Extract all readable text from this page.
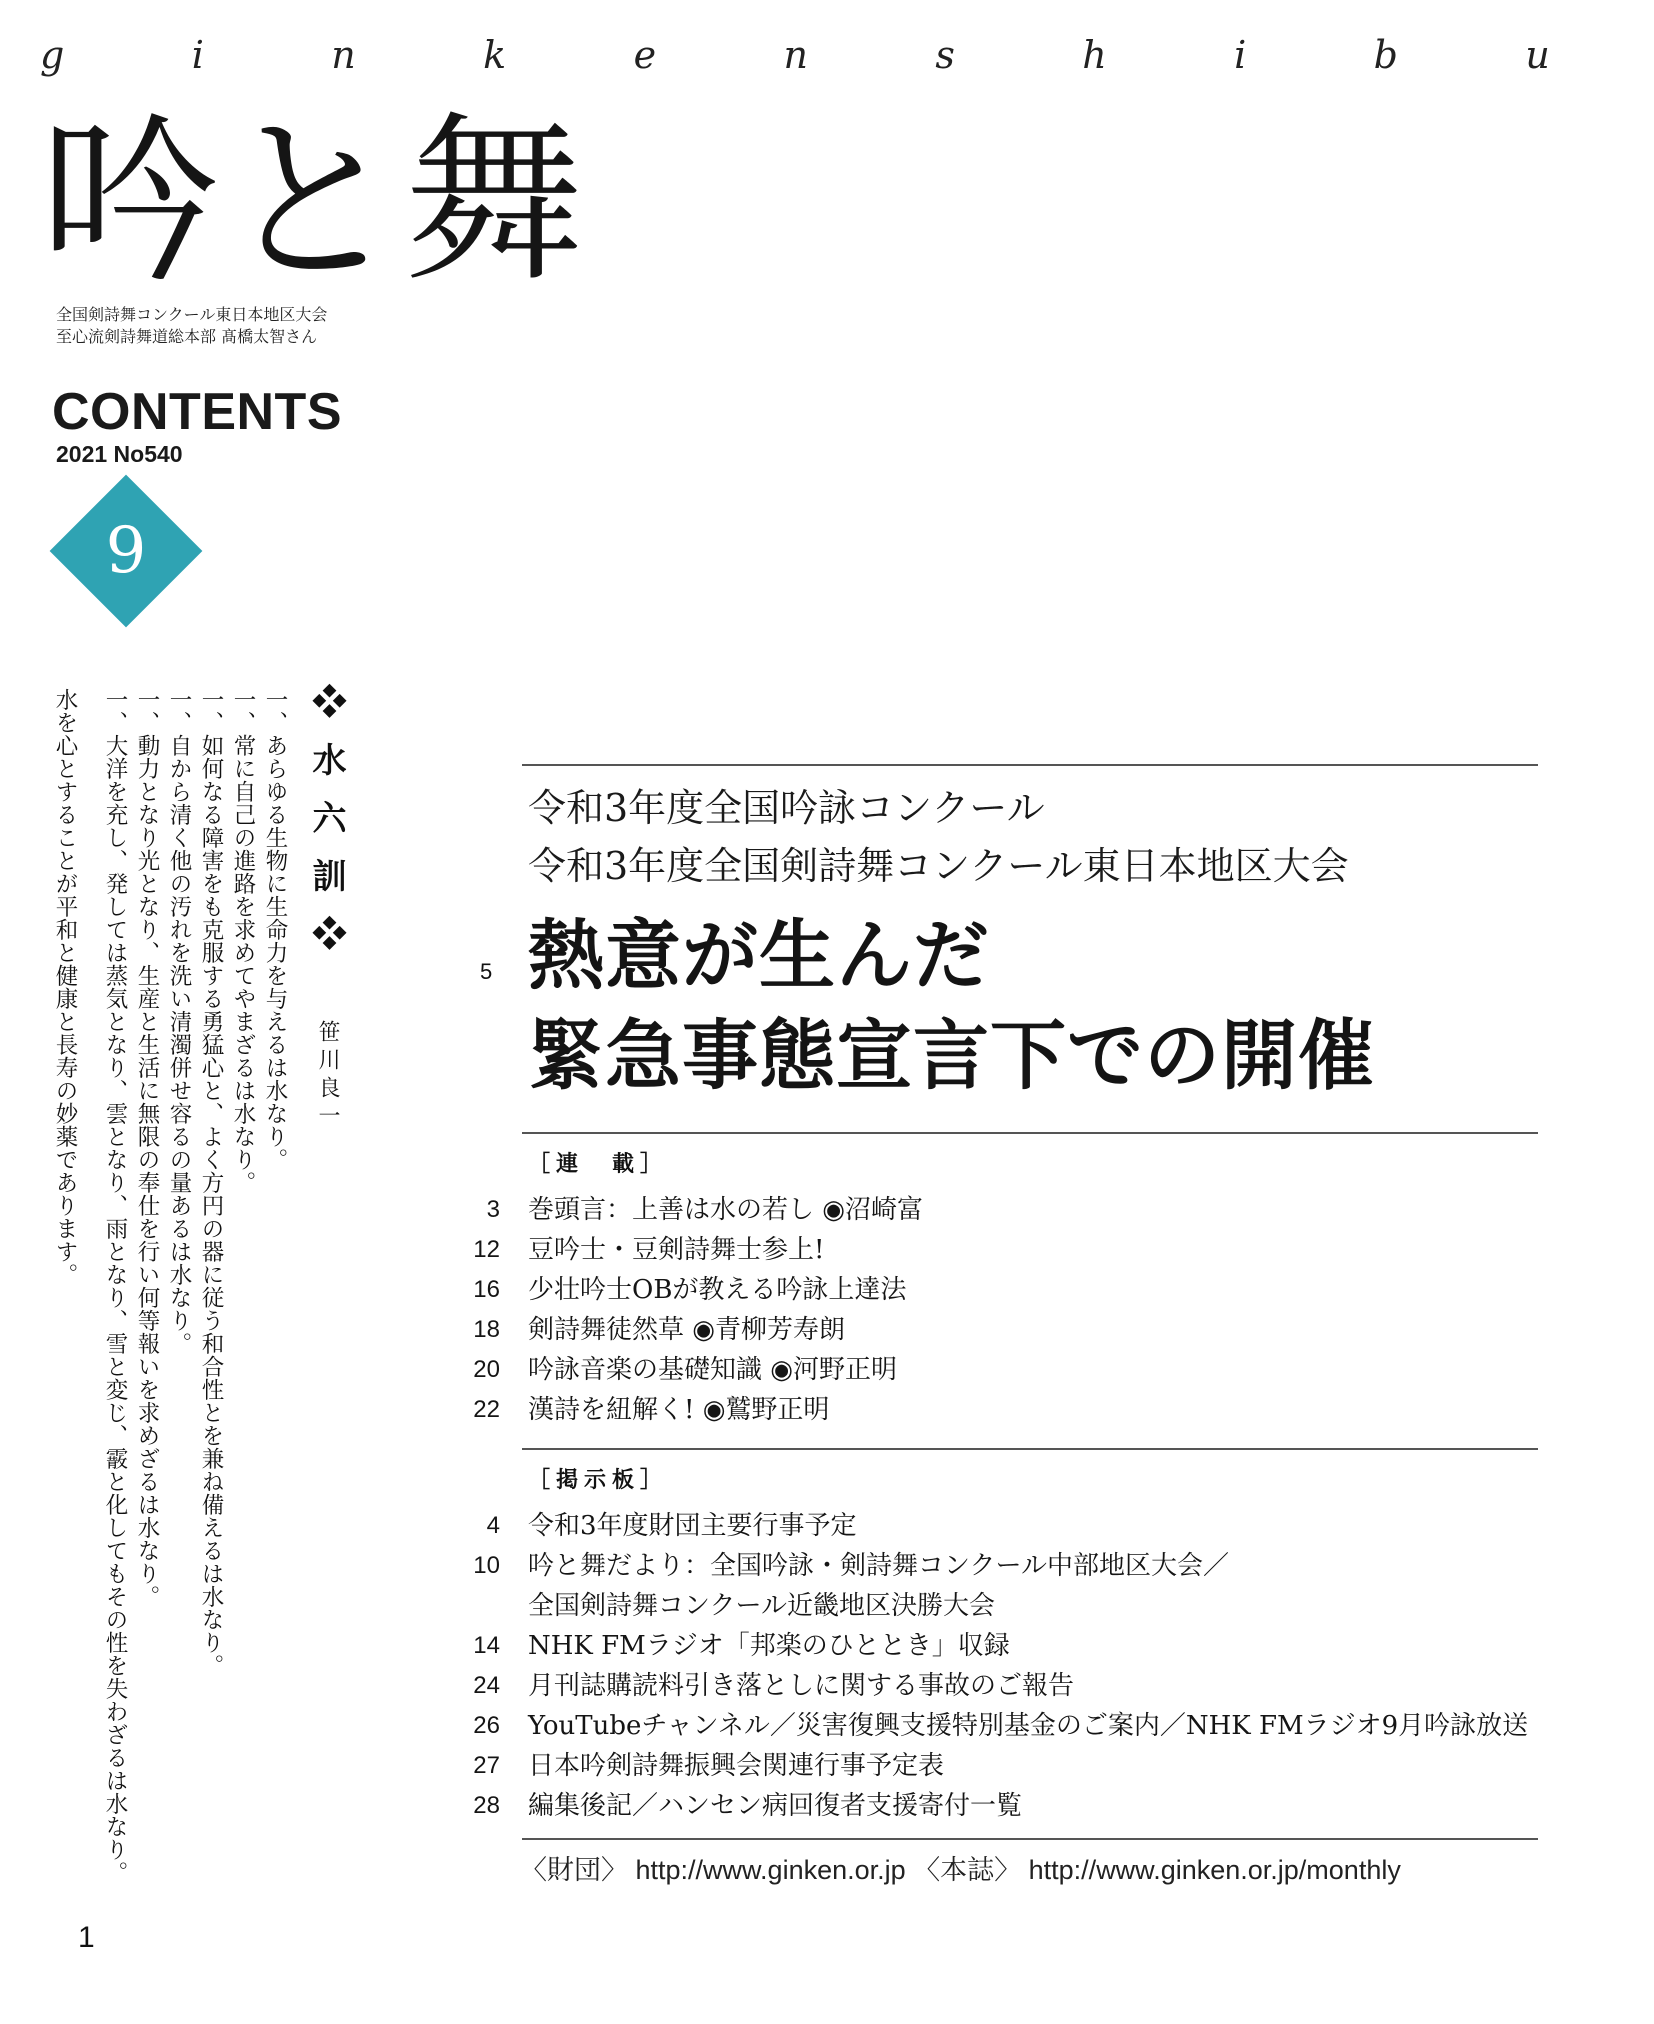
g	i	n	k	e	n	s	h	i	b	u
吟と舞
全国剣詩舞コンクール東日本地区大会
至心流剣詩舞道総本部 髙橋太智さん
CONTENTS
2021 No540
9
❖水六訓❖
笹川良一
一、あらゆる生物に生命力を与えるは水なり。
一、常に自己の進路を求めてやまざるは水なり。
一、如何なる障害をも克服する勇猛心と、よく方円の器に従う和合性とを兼ね備えるは水なり。
一、自から清く他の汚れを洗い清濁併せ容るの量あるは水なり。
一、動力となり光となり、生産と生活に無限の奉仕を行い何等報いを求めざるは水なり。
一、大洋を充し、発しては蒸気となり、雲となり、雨となり、雪と変じ、霰と化してもその性を失わざるは水なり。
水を心とすることが平和と健康と長寿の妙薬であります。	令和3年度全国吟詠コンクール
令和3年度全国剣詩舞コンクール東日本地区大会
5 熱意が生んだ
緊急事態宣言下での開催
［連　載］
3 巻頭言：上善は水の若し ◉沼崎富
12 豆吟士・豆剣詩舞士参上!
16 少壮吟士OBが教える吟詠上達法
18 剣詩舞徒然草 ◉青柳芳寿朗
20 吟詠音楽の基礎知識 ◉河野正明
22 漢詩を紐解く! ◉鷲野正明
［掲示板］
4 令和3年度財団主要行事予定
10 吟と舞だより：全国吟詠・剣詩舞コンクール中部地区大会／
全国剣詩舞コンクール近畿地区決勝大会
14 NHK FMラジオ「邦楽のひととき」収録
24 月刊誌購読料引き落としに関する事故のご報告
26 YouTubeチャンネル／災害復興支援特別基金のご案内／NHK FMラジオ9月吟詠放送
27 日本吟剣詩舞振興会関連行事予定表
28 編集後記／ハンセン病回復者支援寄付一覧
〈財団〉 http://www.ginken.or.jp 〈本誌〉 http://www.ginken.or.jp/monthly
1
